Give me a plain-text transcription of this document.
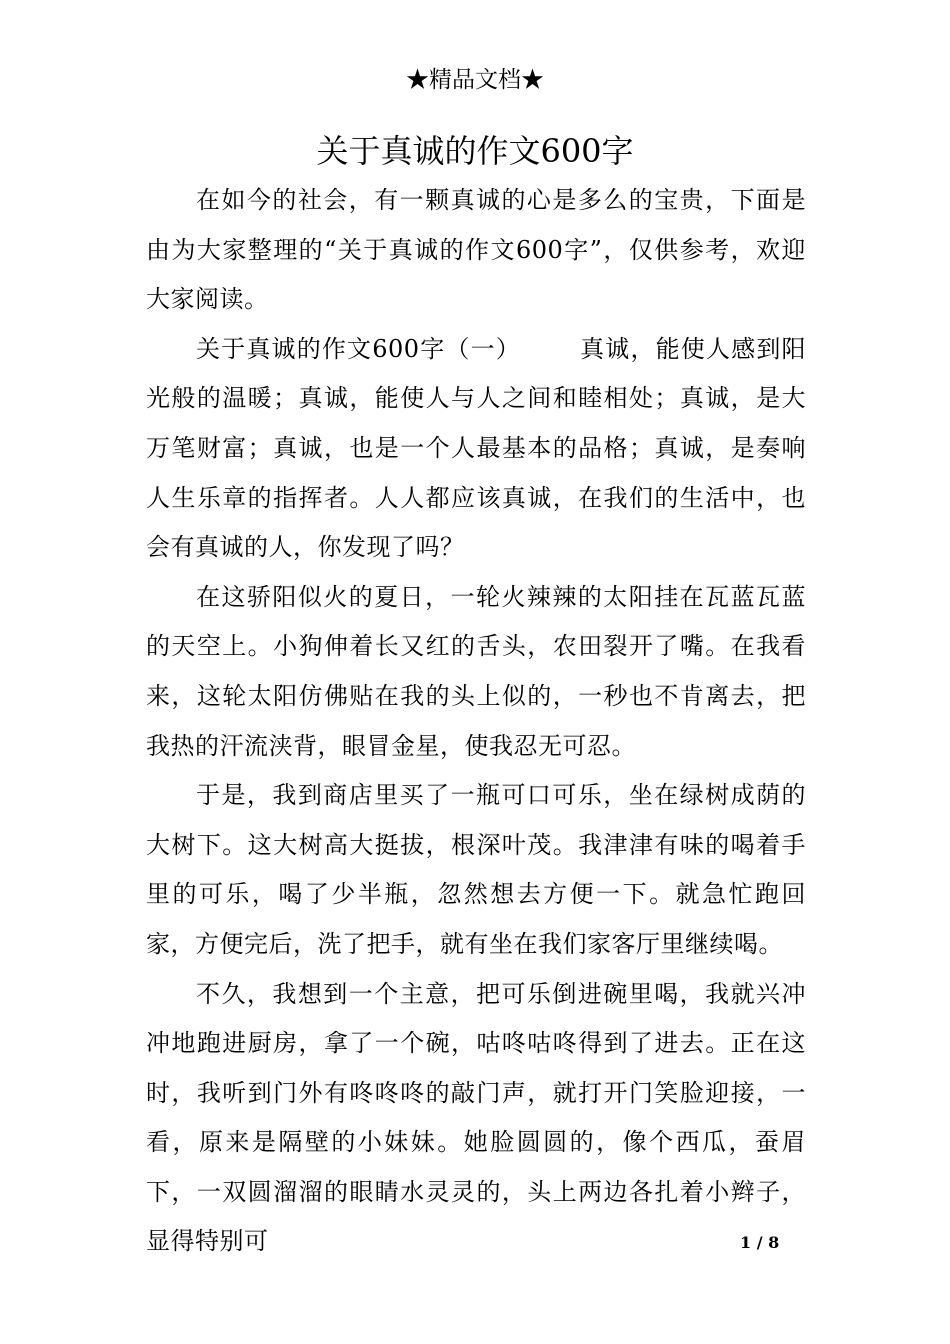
★精品文档★
关于真诚的作文600字

在如今的社会，有一颗真诚的心是多么的宝贵，下面是由为大家整理的“关于真诚的作文600字”，仅供参考，欢迎大家阅读。

关于真诚的作文600字（一） 　　真诚，能使人感到阳光般的温暖；真诚，能使人与人之间和睦相处；真诚，是大万笔财富；真诚，也是一个人最基本的品格；真诚，是奏响人生乐章的指挥者。人人都应该真诚，在我们的生活中，也会有真诚的人，你发现了吗？

在这骄阳似火的夏日，一轮火辣辣的太阳挂在瓦蓝瓦蓝的天空上。小狗伸着长又红的舌头，农田裂开了嘴。在我看来，这轮太阳仿佛贴在我的头上似的，一秒也不肯离去，把我热的汗流浃背，眼冒金星，使我忍无可忍。

于是，我到商店里买了一瓶可口可乐，坐在绿树成荫的大树下。这大树高大挺拔，根深叶茂。我津津有味的喝着手里的可乐，喝了少半瓶，忽然想去方便一下。就急忙跑回家，方便完后，洗了把手，就有坐在我们家客厅里继续喝。

不久，我想到一个主意，把可乐倒进碗里喝，我就兴冲冲地跑进厨房，拿了一个碗，咕咚咕咚得到了进去。正在这时，我听到门外有咚咚咚的敲门声，就打开门笑脸迎接，一看，原来是隔壁的小妹妹。她脸圆圆的，像个西瓜，蚕眉下，一双圆溜溜的眼睛水灵灵的，头上两边各扎着小辫子，显得特别可	1 / 8
